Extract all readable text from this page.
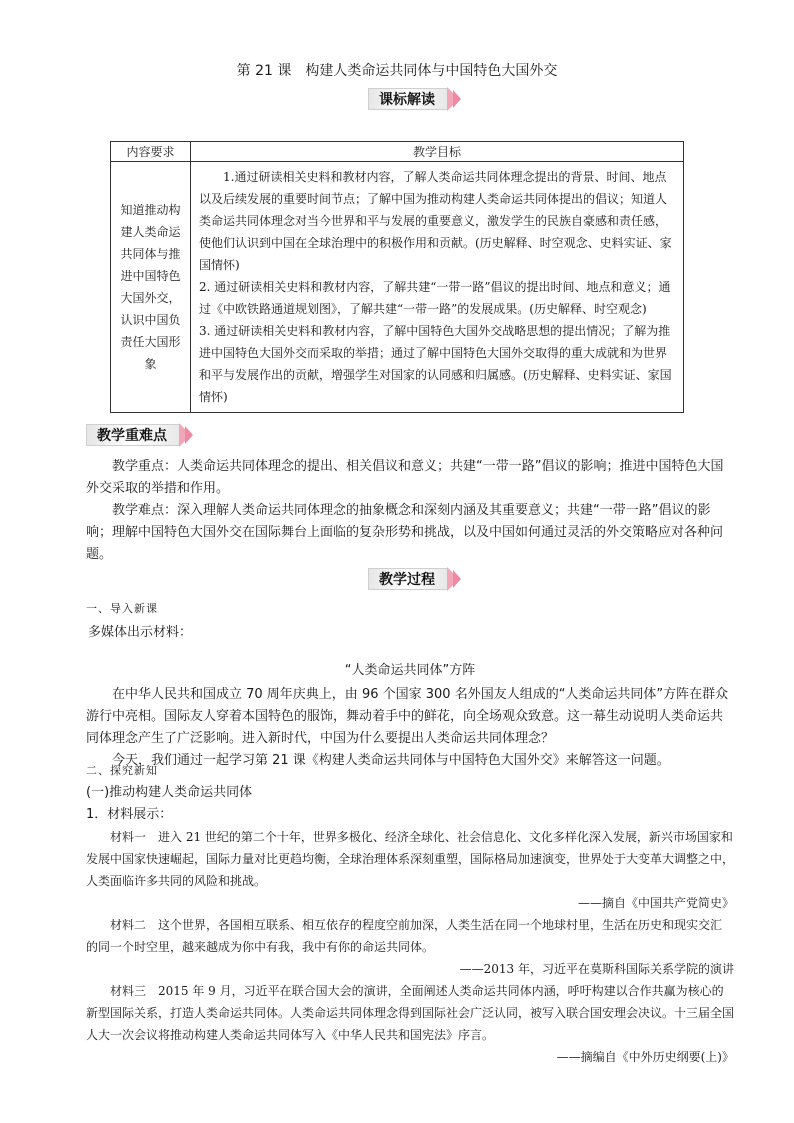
第 21 课　构建人类命运共同体与中国特色大国外交
课标解读
内容要求	教学目标
知道推动构建人类命运共同体与推进中国特色大国外交，认识中国负责任大国形象	1.通过研读相关史料和教材内容，了解人类命运共同体理念提出的背景、时间、地点以及后续发展的重要时间节点；了解中国为推动构建人类命运共同体提出的倡议；知道人类命运共同体理念对当今世界和平与发展的重要意义，激发学生的民族自豪感和责任感，使他们认识到中国在全球治理中的积极作用和贡献。(历史解释、时空观念、史料实证、家国情怀)

2. 通过研读相关史料和教材内容，了解共建“一带一路”倡议的提出时间、地点和意义；通过《中欧铁路通道规划图》，了解共建“一带一路”的发展成果。(历史解释、时空观念)

3. 通过研读相关史料和教材内容，了解中国特色大国外交战略思想的提出情况；了解为推进中国特色大国外交而采取的举措；通过了解中国特色大国外交取得的重大成就和为世界和平与发展作出的贡献，增强学生对国家的认同感和归属感。(历史解释、史料实证、家国情怀)

教学重难点

教学重点：人类命运共同体理念的提出、相关倡议和意义；共建“一带一路”倡议的影响；推进中国特色大国外交采取的举措和作用。

教学难点：深入理解人类命运共同体理念的抽象概念和深刻内涵及其重要意义；共建“一带一路”倡议的影响；理解中国特色大国外交在国际舞台上面临的复杂形势和挑战，以及中国如何通过灵活的外交策略应对各种问题。

教学过程

一、导入新课

多媒体出示材料：

“人类命运共同体”方阵

在中华人民共和国成立 70 周年庆典上，由 96 个国家 300 名外国友人组成的“人类命运共同体”方阵在群众游行中亮相。国际友人穿着本国特色的服饰，舞动着手中的鲜花，向全场观众致意。这一幕生动说明人类命运共同体理念产生了广泛影响。进入新时代，中国为什么要提出人类命运共同体理念？

今天，我们通过一起学习第 21 课《构建人类命运共同体与中国特色大国外交》来解答这一问题。

二、探究新知

(一)推动构建人类命运共同体

1．材料展示：

材料一　进入 21 世纪的第二个十年，世界多极化、经济全球化、社会信息化、文化多样化深入发展，新兴市场国家和发展中国家快速崛起，国际力量对比更趋均衡，全球治理体系深刻重塑，国际格局加速演变，世界处于大变革大调整之中，人类面临许多共同的风险和挑战。

——摘自《中国共产党简史》

材料二　这个世界，各国相互联系、相互依存的程度空前加深，人类生活在同一个地球村里，生活在历史和现实交汇的同一个时空里，越来越成为你中有我，我中有你的命运共同体。

——2013 年，习近平在莫斯科国际关系学院的演讲

材料三　2015 年 9 月，习近平在联合国大会的演讲，全面阐述人类命运共同体内涵，呼吁构建以合作共赢为核心的新型国际关系，打造人类命运共同体。人类命运共同体理念得到国际社会广泛认同，被写入联合国安理会决议。十三届全国人大一次会议将推动构建人类命运共同体写入《中华人民共和国宪法》序言。

——摘编自《中外历史纲要(上)》
